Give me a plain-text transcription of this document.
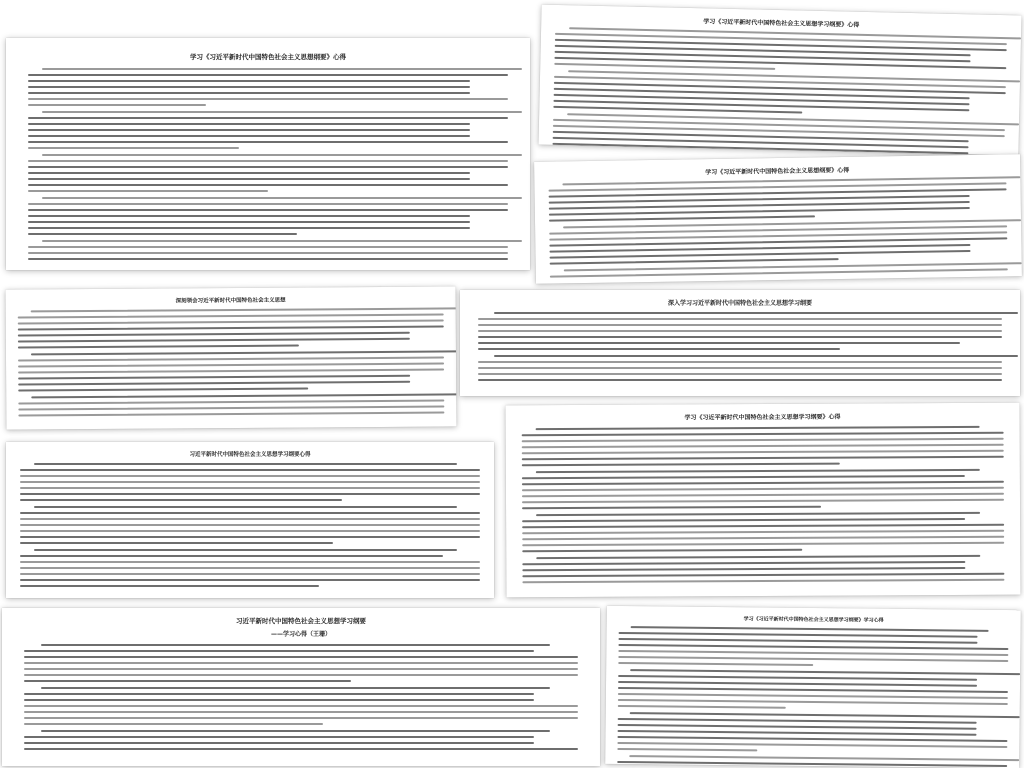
学习《习近平新时代中国特色社会主义思想纲要》心得
学习《习近平新时代中国特色社会主义思想学习纲要》心得
学习《习近平新时代中国特色社会主义思想纲要》心得
深刻领会习近平新时代中国特色社会主义思想	深入学习习近平新时代中国特色社会主义思想学习纲要
习近平新时代中国特色社会主义思想学习纲要心得
学习《习近平新时代中国特色社会主义思想学习纲要》心得
习近平新时代中国特色社会主义思想学习纲要
——学习心得（王珊）
学习《习近平新时代中国特色社会主义思想学习纲要》学习心得
